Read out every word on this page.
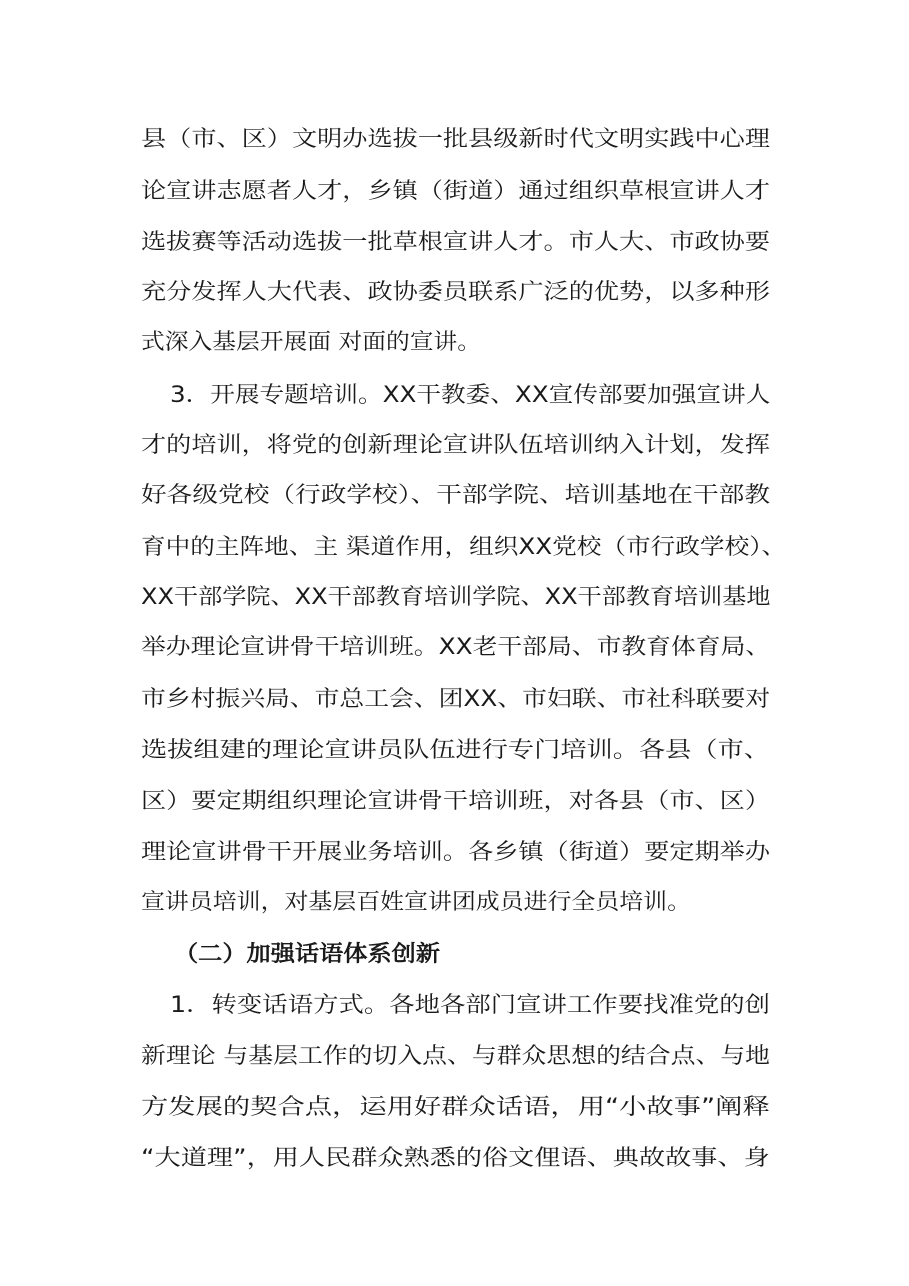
县（市、区）文明办选拔一批县级新时代文明实践中心理
论宣讲志愿者人才，乡镇（街道）通过组织草根宣讲人才
选拔赛等活动选拔一批草根宣讲人才。市人大、市政协要
充分发挥人大代表、政协委员联系广泛的优势，以多种形
式深入基层开展面 对面的宣讲。
3．开展专题培训。XX干教委、XX宣传部要加强宣讲人
才的培训，将党的创新理论宣讲队伍培训纳入计划，发挥
好各级党校（行政学校）、干部学院、培训基地在干部教
育中的主阵地、主 渠道作用，组织XX党校（市行政学校）、
XX干部学院、XX干部教育培训学院、XX干部教育培训基地
举办理论宣讲骨干培训班。XX老干部局、市教育体育局、
市乡村振兴局、市总工会、团XX、市妇联、市社科联要对
选拔组建的理论宣讲员队伍进行专门培训。各县（市、
区）要定期组织理论宣讲骨干培训班，对各县（市、区）
理论宣讲骨干开展业务培训。各乡镇（街道）要定期举办
宣讲员培训，对基层百姓宣讲团成员进行全员培训。
（二）加强话语体系创新
1．转变话语方式。各地各部门宣讲工作要找准党的创
新理论 与基层工作的切入点、与群众思想的结合点、与地
方发展的契合点，运用好群众话语，用“小故事”阐释
“大道理”，用人民群众熟悉的俗文俚语、典故故事、身
